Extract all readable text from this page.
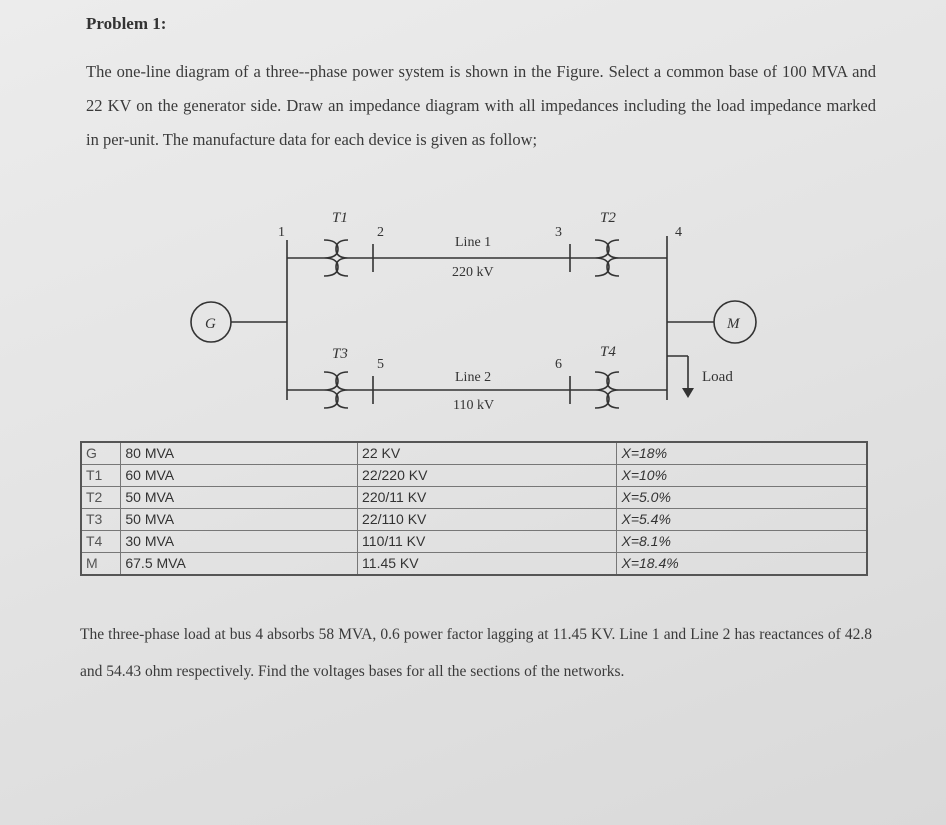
Problem 1:
The one-line diagram of a three--phase power system is shown in the Figure. Select a common base of 100 MVA and 22 KV on the generator side. Draw an impedance diagram with all impedances including the load impedance marked in per-unit. The manufacture data for each device is given as follow;
G	M
Load
1	2	3	4
5	6
T1	T2
T3	T4
Line 1
220 kV
Line 2
110 kV
G	80 MVA	22 KV	X=18%
T1	60 MVA	22/220 KV	X=10%
T2	50 MVA	220/11 KV	X=5.0%
T3	50 MVA	22/110 KV	X=5.4%
T4	30 MVA	110/11 KV	X=8.1%
M	67.5 MVA	11.45 KV	X=18.4%
The three-phase load at bus 4 absorbs 58 MVA, 0.6 power factor lagging at 11.45 KV. Line 1 and Line 2 has reactances of 42.8 and 54.43 ohm respectively. Find the voltages bases for all the sections of the networks.
